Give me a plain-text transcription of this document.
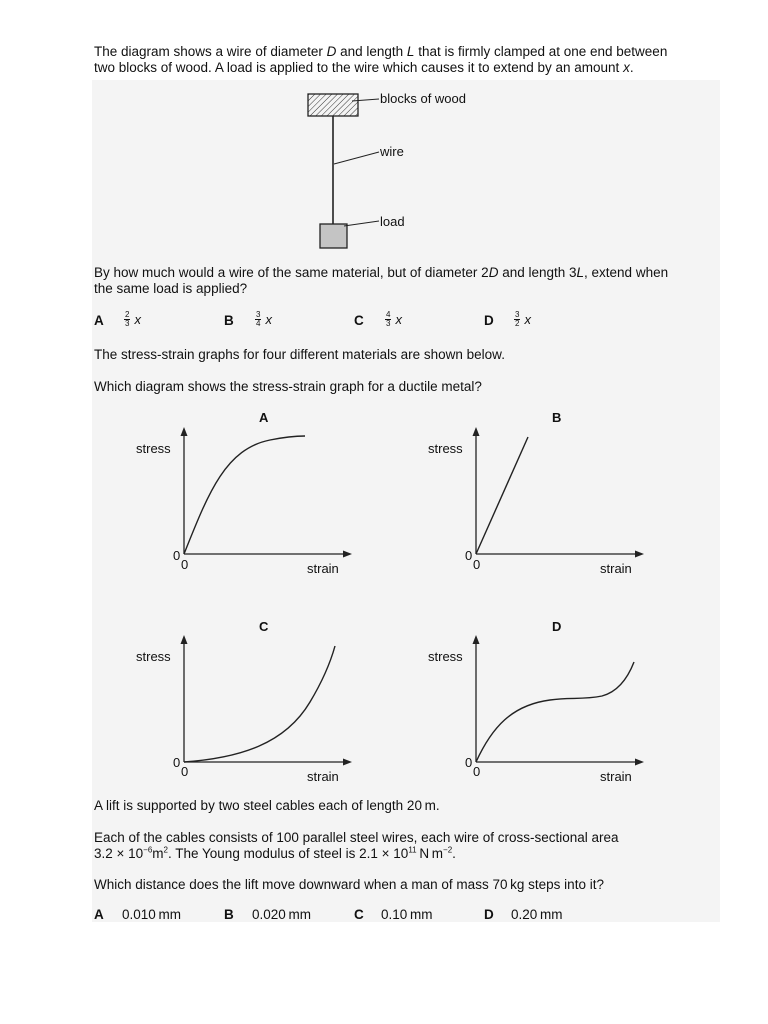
The diagram shows a wire of diameter D and length L that is firmly clamped at one end between
two blocks of wood. A load is applied to the wire which causes it to extend by an amount x.

blocks of wood
wire
load

By how much would a wire of the same material, but of diameter 2D and length 3L, extend when
the same load is applied?

A	$\frac{2}{3}$ x	B	$\frac{3}{4}$ x	C	$\frac{4}{3}$ x	D	$\frac{3}{2}$ x

The stress-strain graphs for four different materials are shown below.

Which diagram shows the stress-strain graph for a ductile metal?

A
stress
0
0	strain
B
stress
0
0	strain
C
stress
0
0	strain
D
stress
0
0	strain

A lift is supported by two steel cables each of length 20 m.

Each of the cables consists of 100 parallel steel wires, each wire of cross-sectional area
$3.2 \times 10^{-6}m^2$. The Young modulus of steel is $2.1 \times 10^{11}$ N $m^{-2}$.

Which distance does the lift move downward when a man of mass 70 kg steps into it?

A 0.010 mm	B 0.020 mm	C 0.10 mm	D 0.20 mm
